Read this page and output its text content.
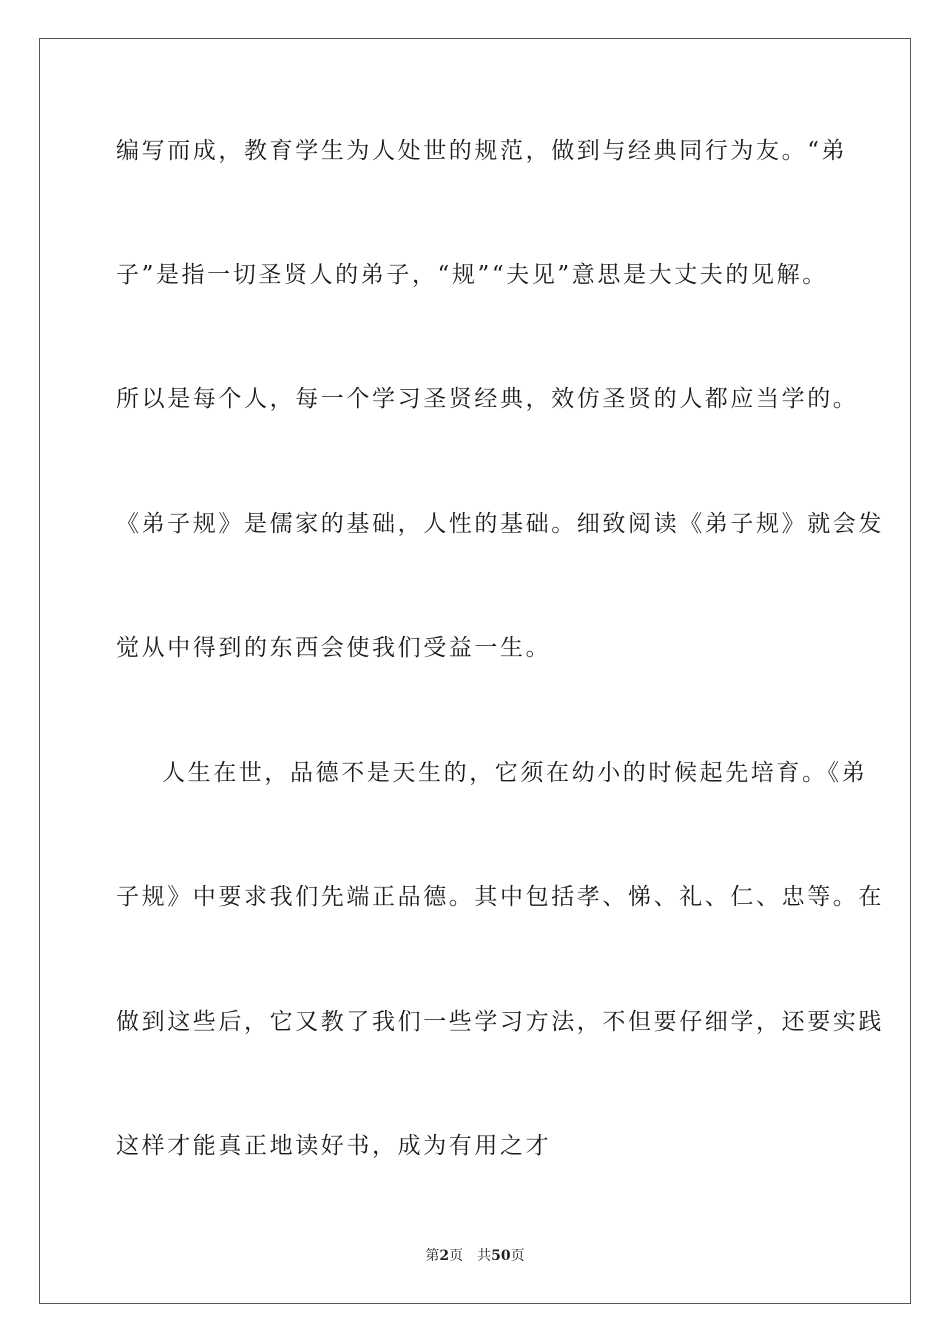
编写而成，教育学生为人处世的规范，做到与经典同行为友。“弟
子”是指一切圣贤人的弟子，“规”“夫见”意思是大丈夫的见解。
所以是每个人，每一个学习圣贤经典，效仿圣贤的人都应当学的。
《弟子规》是儒家的基础，人性的基础。细致阅读《弟子规》就会发
觉从中得到的东西会使我们受益一生。
人生在世，品德不是天生的，它须在幼小的时候起先培育。《弟
子规》中要求我们先端正品德。其中包括孝、悌、礼、仁、忠等。在
做到这些后，它又教了我们一些学习方法，不但要仔细学，还要实践
这样才能真正地读好书，成为有用之才
第2页 共50页
